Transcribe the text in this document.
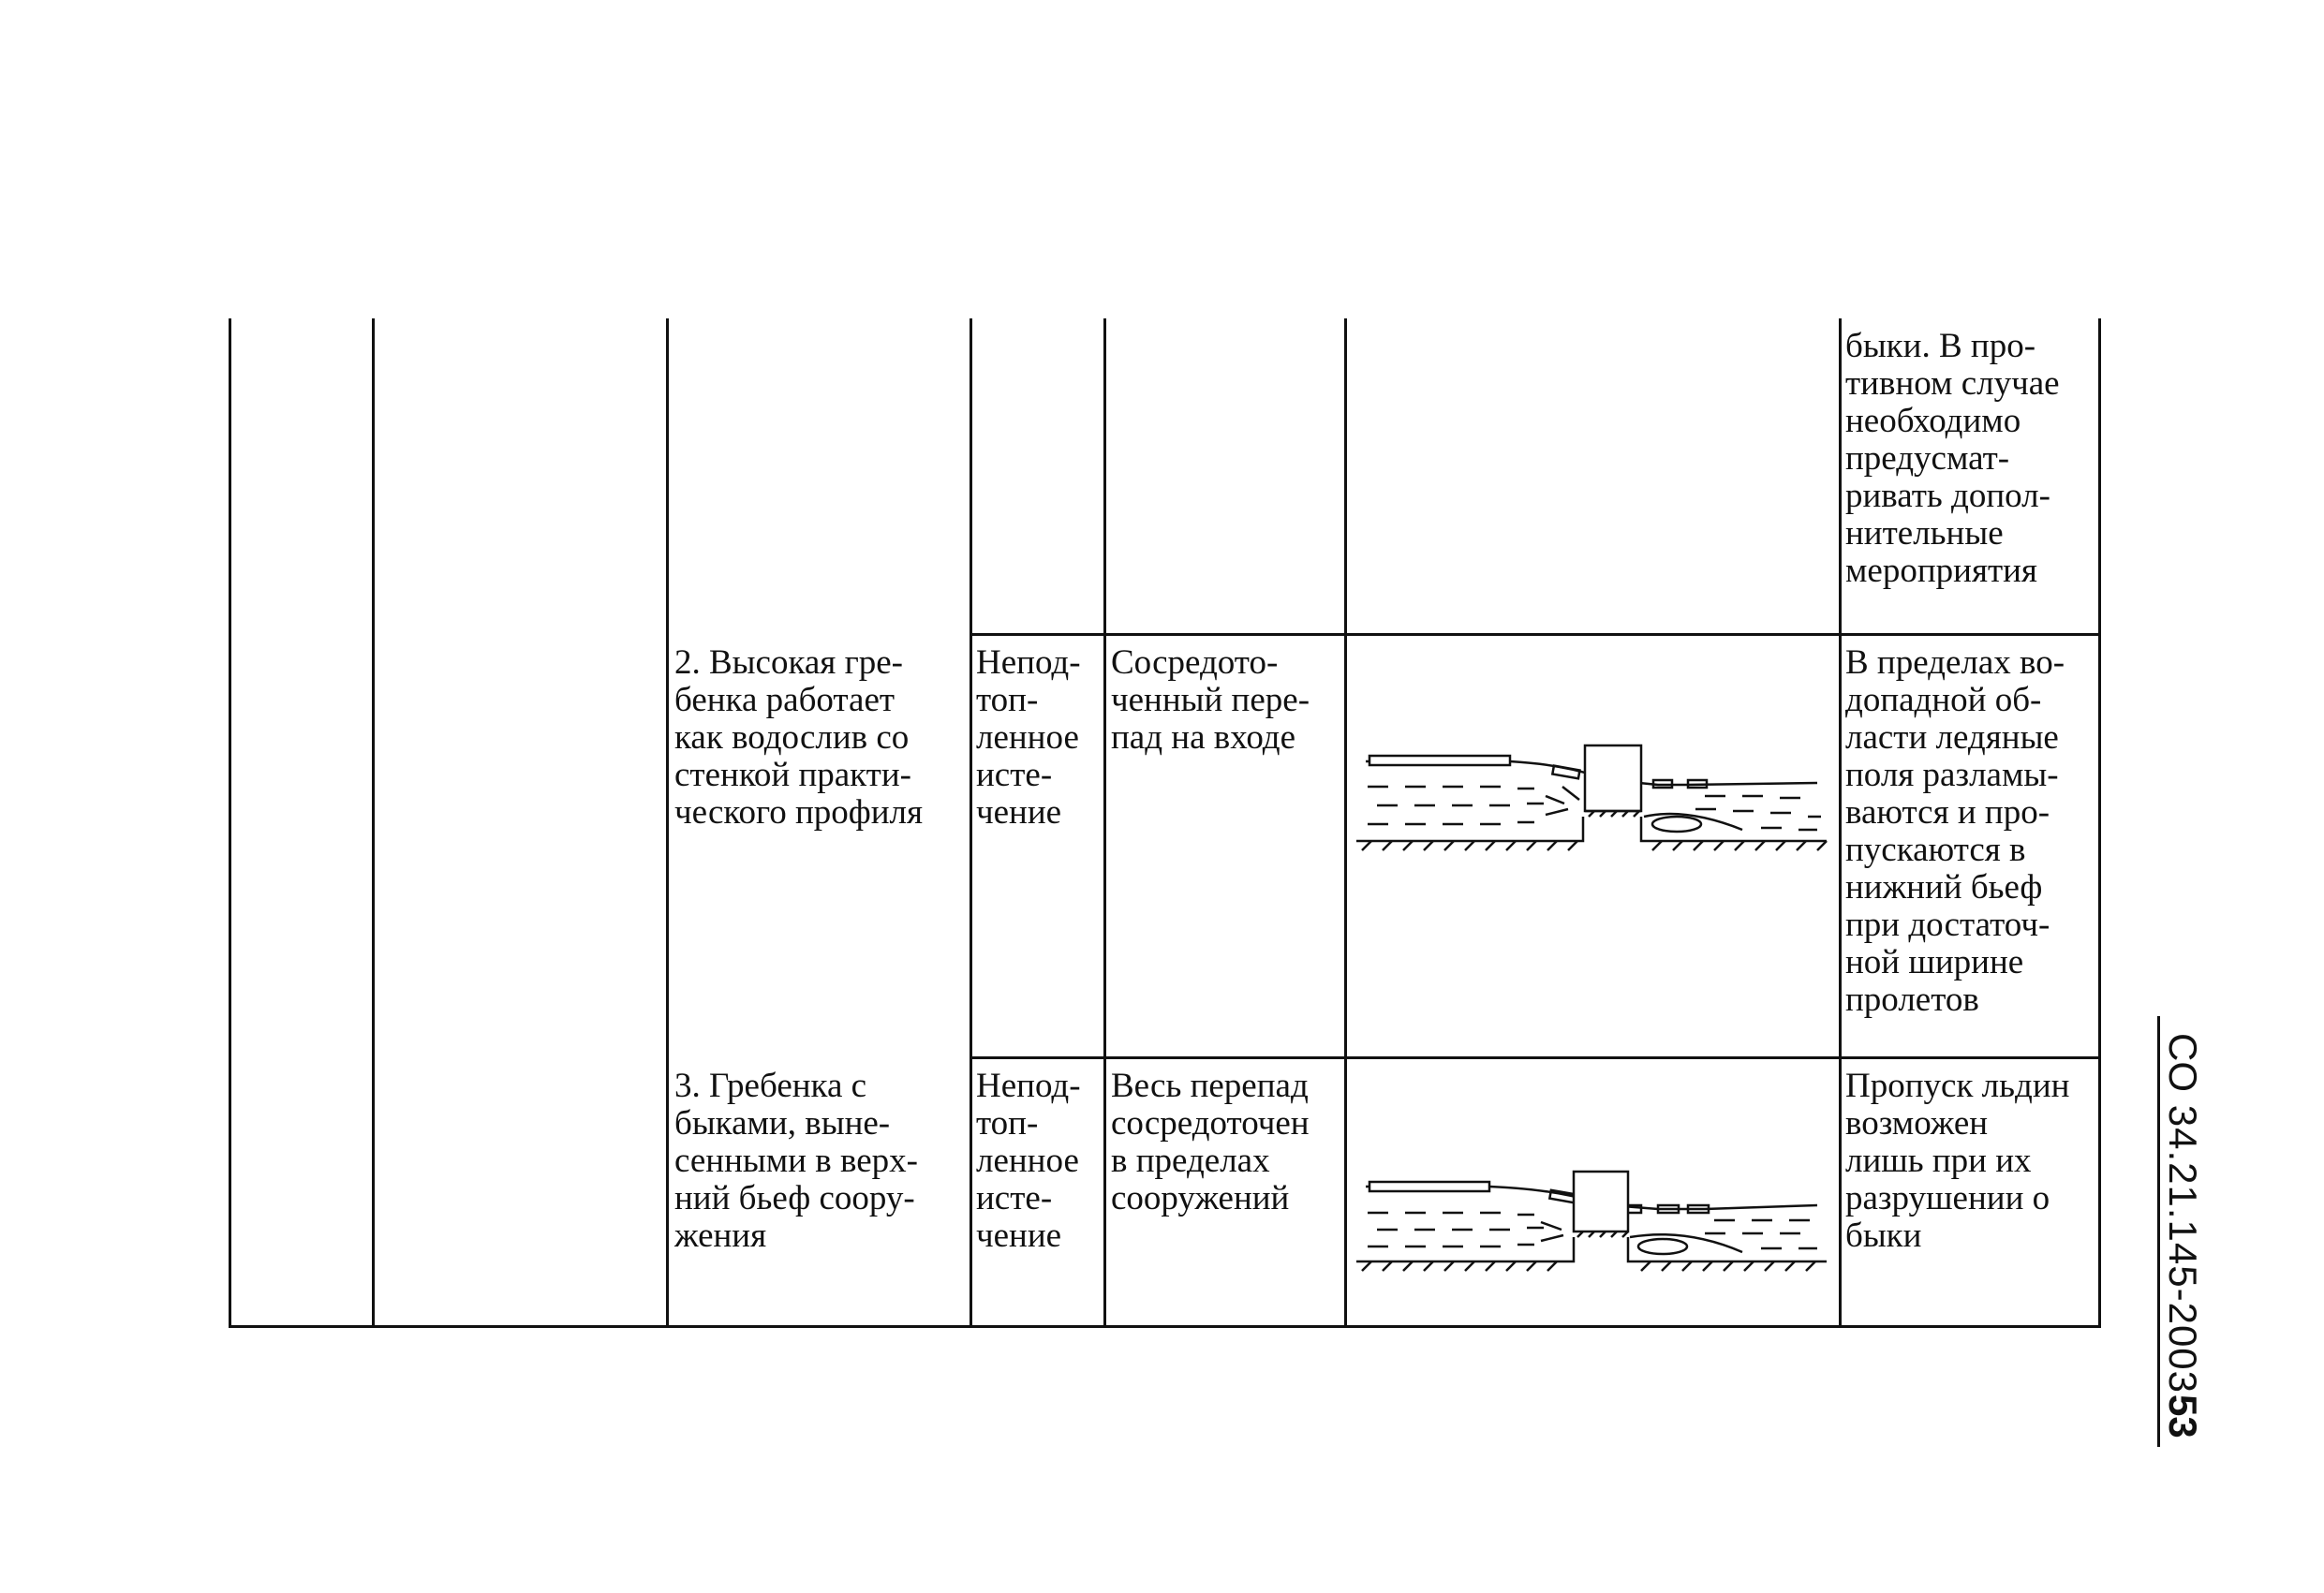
быки. В про-
тивном случае
необходимо
предусмат-
ривать допол-
нительные
мероприятия
2. Высокая гре-
бенка работает
как водослив со
стенкой практи-
ческого профиля
Непод-
топ-
ленное
исте-
чение
Сосредото-
ченный пере-
пад на входе
В пределах во-
допадной об-
ласти ледяные
поля разламы-
ваются и про-
пускаются в
нижний бьеф
при достаточ-
ной ширине
пролетов
3. Гребенка с
быками, выне-
сенными в верх-
ний бьеф соору-
жения
Непод-
топ-
ленное
исте-
чение
Весь перепад
сосредоточен
в пределах
сооружений
Пропуск льдин
возможен
лишь при их
разрушении о
быки	СО 34.21.145-2003
53
